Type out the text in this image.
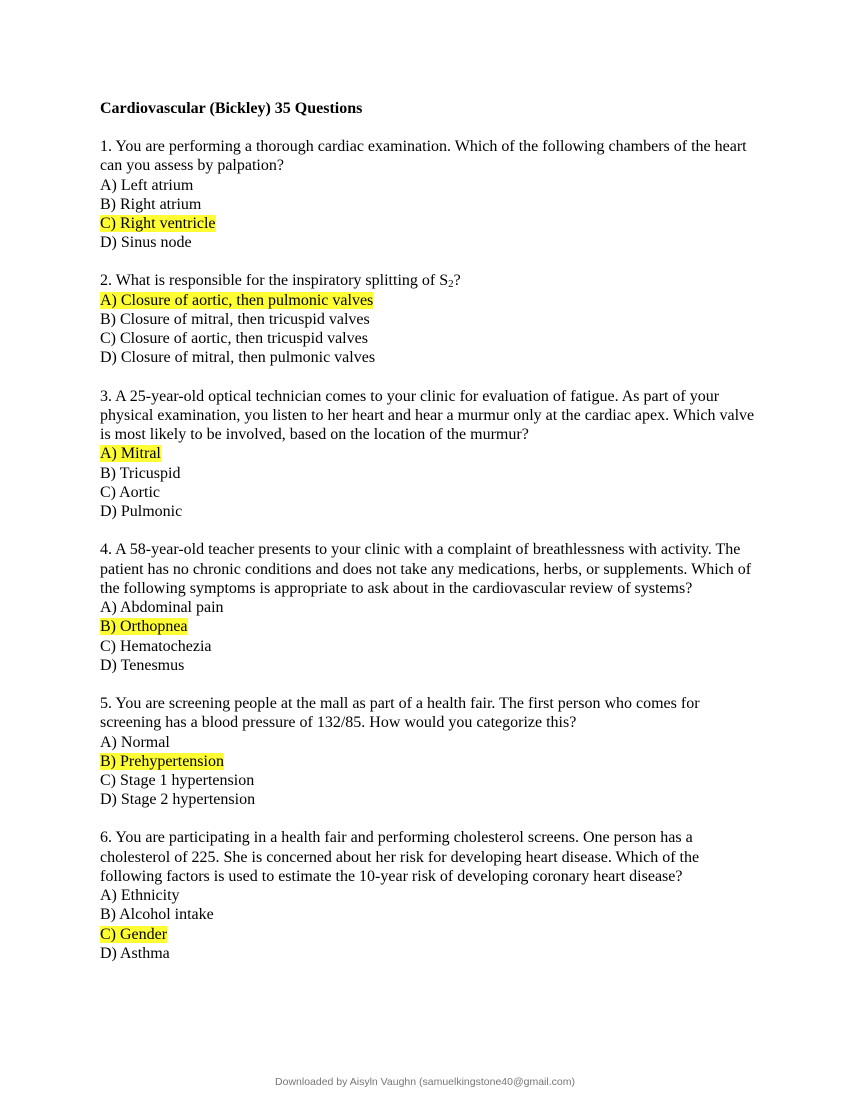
Cardiovascular (Bickley) 35 Questions

1. You are performing a thorough cardiac examination. Which of the following chambers of the heart can you assess by palpation?

A) Left atrium
B) Right atrium
C) Right ventricle
D) Sinus node

2. What is responsible for the inspiratory splitting of S2?

A) Closure of aortic, then pulmonic valves
B) Closure of mitral, then tricuspid valves
C) Closure of aortic, then tricuspid valves
D) Closure of mitral, then pulmonic valves

3. A 25-year-old optical technician comes to your clinic for evaluation of fatigue. As part of your physical examination, you listen to her heart and hear a murmur only at the cardiac apex. Which valve is most likely to be involved, based on the location of the murmur?

A) Mitral
B) Tricuspid
C) Aortic
D) Pulmonic

4. A 58-year-old teacher presents to your clinic with a complaint of breathlessness with activity. The patient has no chronic conditions and does not take any medications, herbs, or supplements. Which of the following symptoms is appropriate to ask about in the cardiovascular review of systems?

A) Abdominal pain
B) Orthopnea
C) Hematochezia
D) Tenesmus

5. You are screening people at the mall as part of a health fair. The first person who comes for screening has a blood pressure of 132/85. How would you categorize this?

A) Normal
B) Prehypertension
C) Stage 1 hypertension
D) Stage 2 hypertension

6. You are participating in a health fair and performing cholesterol screens. One person has a cholesterol of 225. She is concerned about her risk for developing heart disease. Which of the following factors is used to estimate the 10-year risk of developing coronary heart disease?

A) Ethnicity
B) Alcohol intake
C) Gender
D) Asthma
Downloaded by Aisyln Vaughn (samuelkingstone40@gmail.com)
